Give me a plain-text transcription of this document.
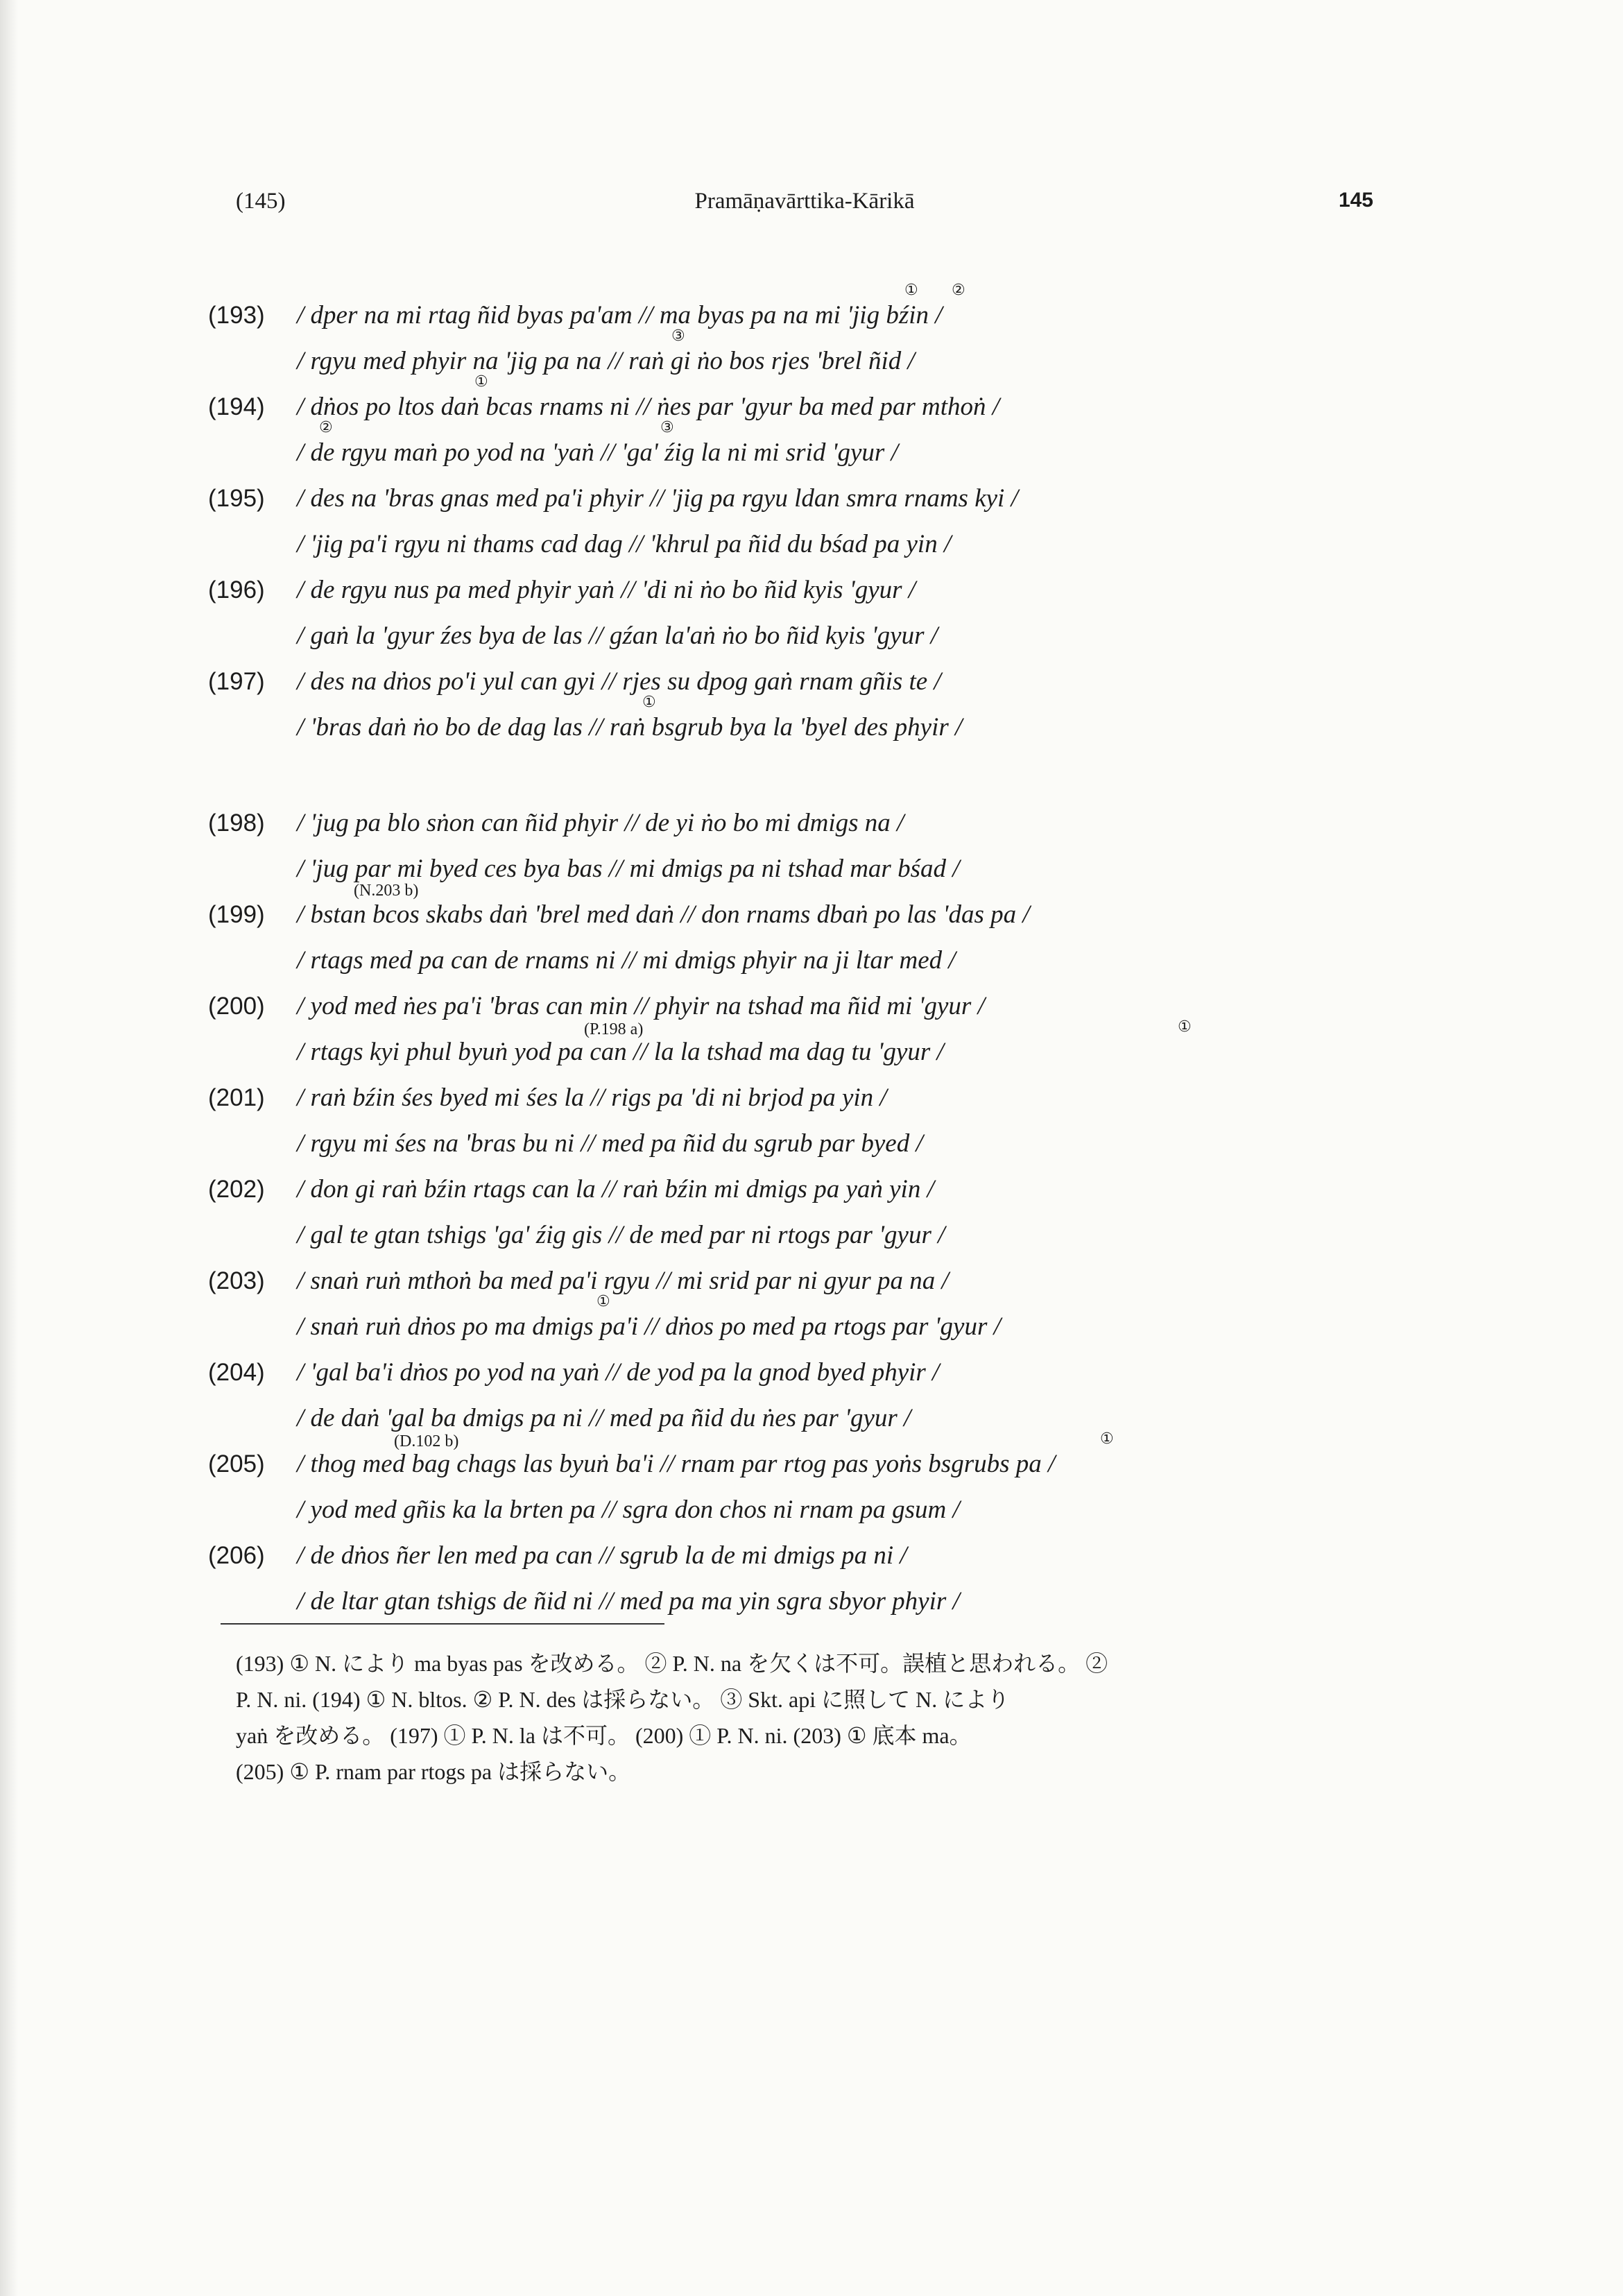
(145)	Pramāṇavārttika-Kārikā	145
(193) / dper na mi rtag ñid byas pa'am // ma byas pa na mi 'jig bźin /
① ②
/ rgyu med phyir na 'jig pa na // raṅ gi ṅo bos rjes 'brel ñid /
③
(194) / dṅos po ltos daṅ bcas rnams ni // ṅes par 'gyur ba med par mthoṅ /
①
/ de rgyu maṅ po yod na 'yaṅ // 'ga' źig la ni mi srid 'gyur /
②	③
(195) / des na 'bras gnas med pa'i phyir // 'jig pa rgyu ldan smra rnams kyi /
/ 'jig pa'i rgyu ni thams cad dag // 'khrul pa ñid du bśad pa yin /
(196) / de rgyu nus pa med phyir yaṅ // 'di ni ṅo bo ñid kyis 'gyur /
/ gaṅ la 'gyur źes bya de las // gźan la'aṅ ṅo bo ñid kyis 'gyur /
(197) / des na dṅos po'i yul can gyi // rjes su dpog gaṅ rnam gñis te /
/ 'bras daṅ ṅo bo de dag las // raṅ bsgrub bya la 'byel des phyir /
①
(198) / 'jug pa blo sṅon can ñid phyir // de yi ṅo bo mi dmigs na /
/ 'jug par mi byed ces bya bas // mi dmigs pa ni tshad mar bśad /
(N.203 b)
(199) / bstan bcos skabs daṅ 'brel med daṅ // don rnams dbaṅ po las 'das pa /
/ rtags med pa can de rnams ni // mi dmigs phyir na ji ltar med /
(200) / yod med ṅes pa'i 'bras can min // phyir na tshad ma ñid mi 'gyur /
(P.198 a)
/ rtags kyi phul byuṅ yod pa can // la la tshad ma dag tu 'gyur /
①
(201) / raṅ bźin śes byed mi śes la // rigs pa 'di ni brjod pa yin /
/ rgyu mi śes na 'bras bu ni // med pa ñid du sgrub par byed /
(202) / don gi raṅ bźin rtags can la // raṅ bźin mi dmigs pa yaṅ yin /
/ gal te gtan tshigs 'ga' źig gis // de med par ni rtogs par 'gyur /
(203) / snaṅ ruṅ mthoṅ ba med pa'i rgyu // mi srid par ni gyur pa na /
/ snaṅ ruṅ dṅos po ma dmigs pa'i // dṅos po med pa rtogs par 'gyur /
①
(204) / 'gal ba'i dṅos po yod na yaṅ // de yod pa la gnod byed phyir /
/ de daṅ 'gal ba dmigs pa ni // med pa ñid du ṅes par 'gyur /
(D.102 b)	①
(205) / thog med bag chags las byuṅ ba'i // rnam par rtog pas yoṅs bsgrubs pa /
/ yod med gñis ka la brten pa // sgra don chos ni rnam pa gsum /
(206) / de dṅos ñer len med pa can // sgrub la de mi dmigs pa ni /
/ de ltar gtan tshigs de ñid ni // med pa ma yin sgra sbyor phyir /
(193) ① N. により ma byas pas を改める。 ② P. N. na を欠くは不可。誤植と思われる。 ②
P. N. ni. (194) ① N. bltos. ② P. N. des は採らない。 ③ Skt. api に照して N. により
yaṅ を改める。 (197) ① P. N. la は不可。 (200) ① P. N. ni. (203) ① 底本 ma。
(205) ① P. rnam par rtogs pa は採らない。
